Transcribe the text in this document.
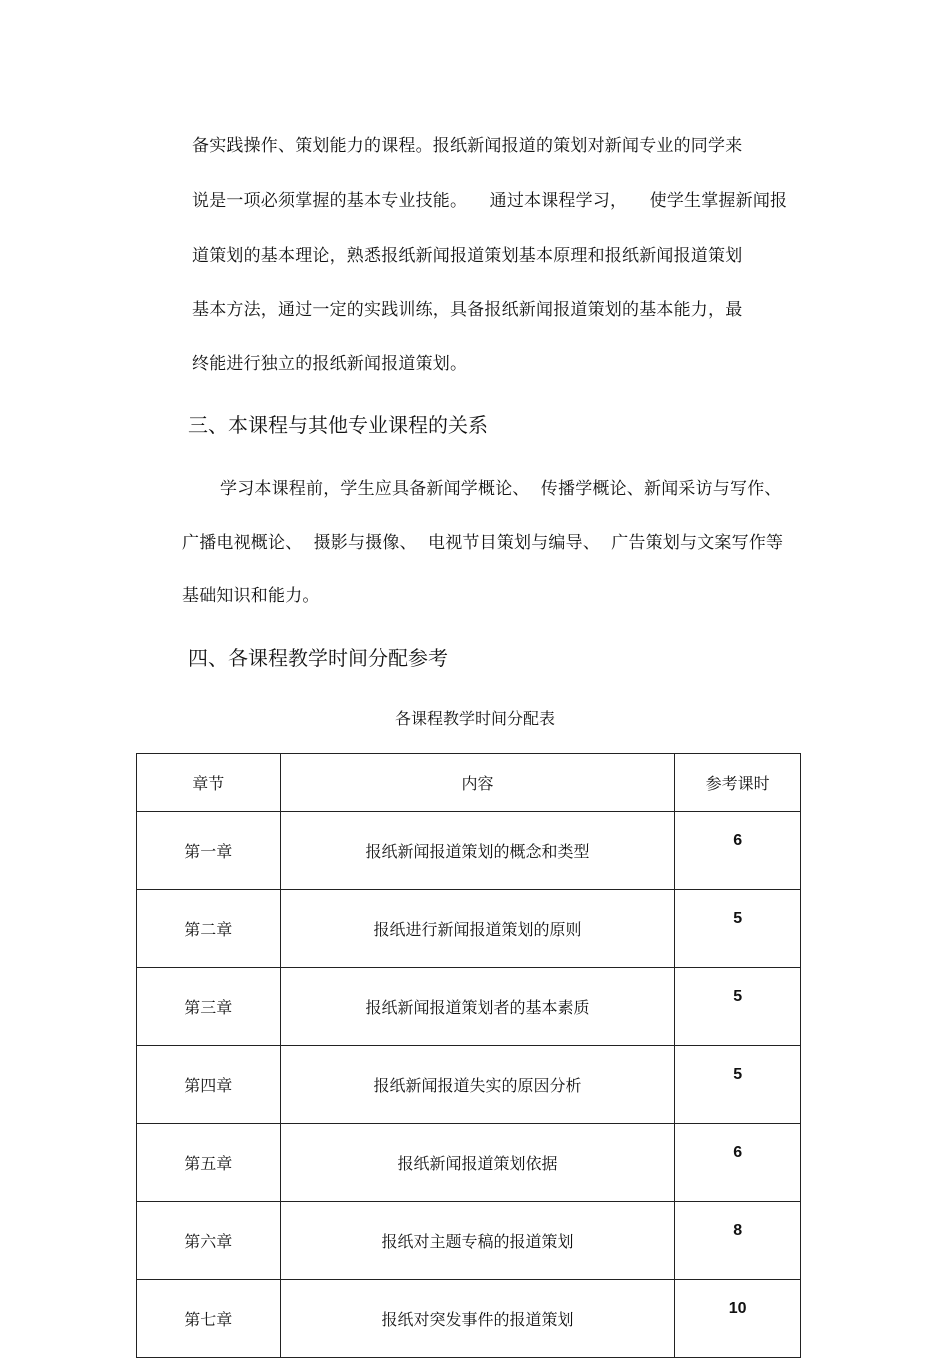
备实践操作、策划能力的课程。报纸新闻报道的策划对新闻专业的同学来
说是一项必须掌握的基本专业技能。    通过本课程学习，    使学生掌握新闻报
道策划的基本理论，熟悉报纸新闻报道策划基本原理和报纸新闻报道策划
基本方法，通过一定的实践训练，具备报纸新闻报道策划的基本能力，最
终能进行独立的报纸新闻报道策划。
三、本课程与其他专业课程的关系
学习本课程前，学生应具备新闻学概论、  传播学概论、新闻采访与写作、
广播电视概论、  摄影与摄像、  电视节目策划与编导、  广告策划与文案写作等
基础知识和能力。
四、各课程教学时间分配参考
各课程教学时间分配表
章节	内容	参考课时
第一章	报纸新闻报道策划的概念和类型	6
第二章	报纸进行新闻报道策划的原则	5
第三章	报纸新闻报道策划者的基本素质	5
第四章	报纸新闻报道失实的原因分析	5
第五章	报纸新闻报道策划依据	6
第六章	报纸对主题专稿的报道策划	8
第七章	报纸对突发事件的报道策划	10
